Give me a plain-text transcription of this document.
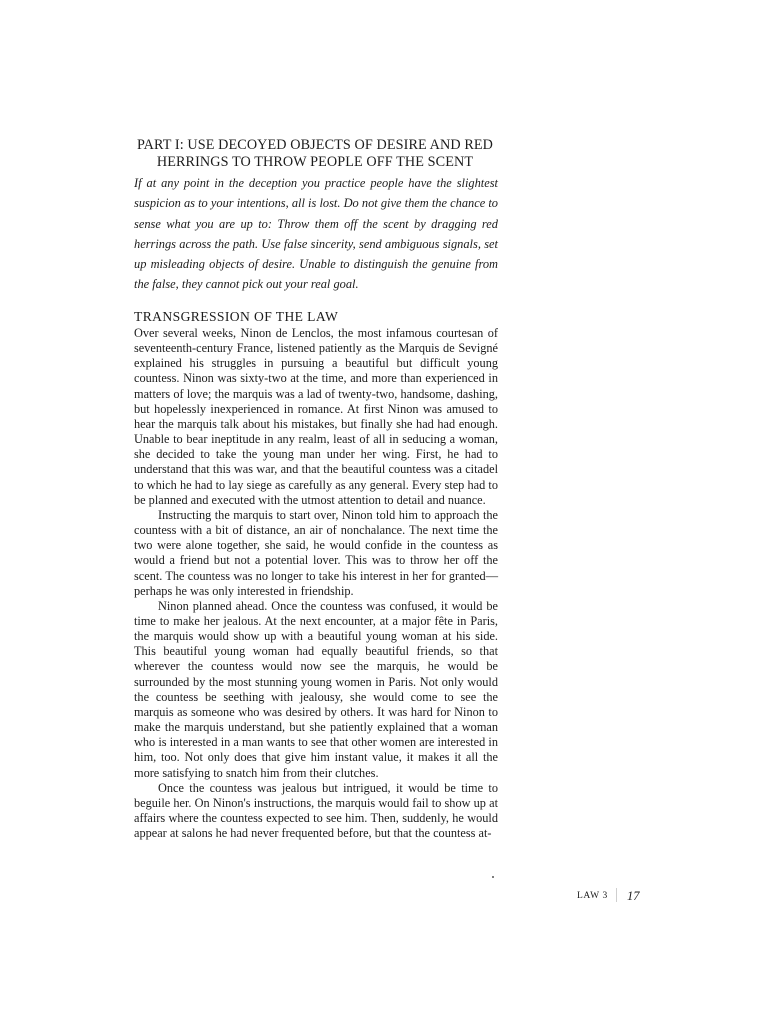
PART I: USE DECOYED OBJECTS OF DESIRE AND RED
HERRINGS TO THROW PEOPLE OFF THE SCENT
If at any point in the deception you practice people have the slightest suspicion as to your intentions, all is lost. Do not give them the chance to sense what you are up to: Throw them off the scent by dragging red herrings across the path. Use false sincerity, send ambiguous signals, set up misleading objects of desire. Unable to distinguish the genuine from the false, they cannot pick out your real goal.
TRANSGRESSION OF THE LAW

Over several weeks, Ninon de Lenclos, the most infamous courtesan of seventeenth-century France, listened patiently as the Marquis de Sevigné explained his struggles in pursuing a beautiful but difficult young countess. Ninon was sixty-two at the time, and more than experienced in matters of love; the marquis was a lad of twenty-two, handsome, dashing, but hopelessly inexperienced in romance. At first Ninon was amused to hear the marquis talk about his mistakes, but finally she had had enough. Unable to bear ineptitude in any realm, least of all in seducing a woman, she decided to take the young man under her wing. First, he had to understand that this was war, and that the beautiful countess was a citadel to which he had to lay siege as carefully as any general. Every step had to be planned and executed with the utmost attention to detail and nuance.

Instructing the marquis to start over, Ninon told him to approach the countess with a bit of distance, an air of nonchalance. The next time the two were alone together, she said, he would confide in the countess as would a friend but not a potential lover. This was to throw her off the scent. The countess was no longer to take his interest in her for granted—perhaps he was only interested in friendship.

Ninon planned ahead. Once the countess was confused, it would be time to make her jealous. At the next encounter, at a major fête in Paris, the marquis would show up with a beautiful young woman at his side. This beautiful young woman had equally beautiful friends, so that wherever the countess would now see the marquis, he would be surrounded by the most stunning young women in Paris. Not only would the countess be seething with jealousy, she would come to see the marquis as someone who was desired by others. It was hard for Ninon to make the marquis understand, but she patiently explained that a woman who is interested in a man wants to see that other women are interested in him, too. Not only does that give him instant value, it makes it all the more satisfying to snatch him from their clutches.

Once the countess was jealous but intrigued, it would be time to beguile her. On Ninon's instructions, the marquis would fail to show up at affairs where the countess expected to see him. Then, suddenly, he would appear at salons he had never frequented before, but that the countess at-

LAW 3 17
